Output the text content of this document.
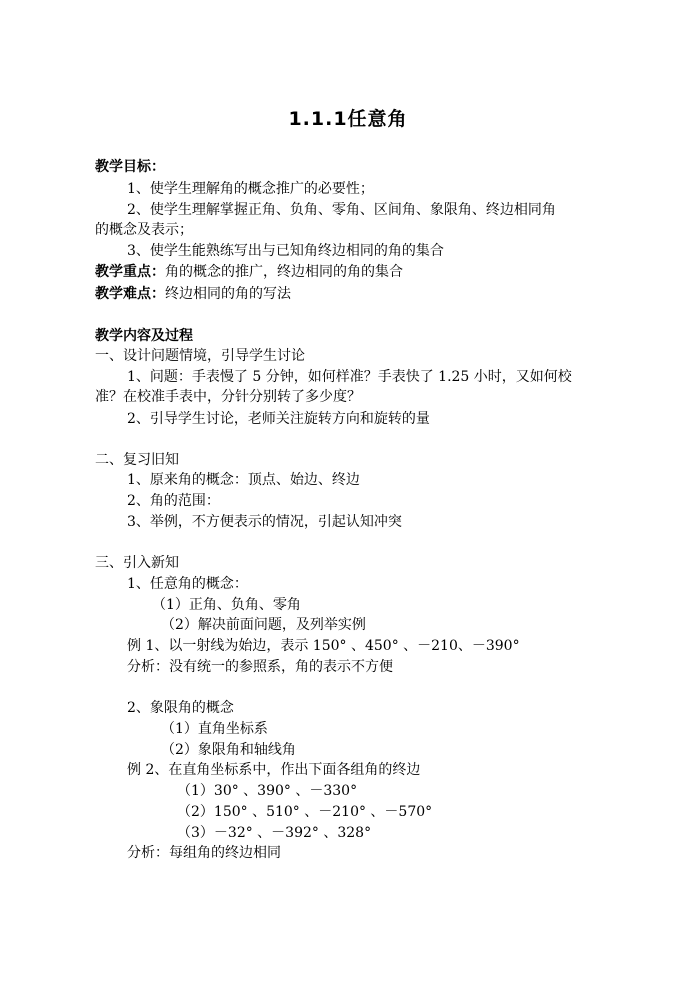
1.1.1任意角
教学目标：
1、使学生理解角的概念推广的必要性；
2、使学生理解掌握正角、负角、零角、区间角、象限角、终边相同角
的概念及表示；
3、使学生能熟练写出与已知角终边相同的角的集合
教学重点：角的概念的推广，终边相同的角的集合
教学难点：终边相同的角的写法
教学内容及过程
一、设计问题情境，引导学生讨论
1、问题：手表慢了 5 分钟，如何样准？手表快了 1.25 小时，又如何校
准？在校准手表中，分针分别转了多少度？
2、引导学生讨论，老师关注旋转方向和旋转的量
二、复习旧知
1、原来角的概念：顶点、始边、终边
2、角的范围：
3、举例，不方便表示的情况，引起认知冲突
三、引入新知
1、任意角的概念：
（1）正角、负角、零角
（2）解决前面问题，及列举实例
例 1、以一射线为始边，表示 150° 、450° 、－210、－390°
分析：没有统一的参照系，角的表示不方便
2、象限角的概念
（1）直角坐标系
（2）象限角和轴线角
例 2、在直角坐标系中，作出下面各组角的终边
（1）30° 、390° 、－330°
（2）150° 、510° 、－210° 、－570°
（3）－32° 、－392° 、328°
分析：每组角的终边相同
